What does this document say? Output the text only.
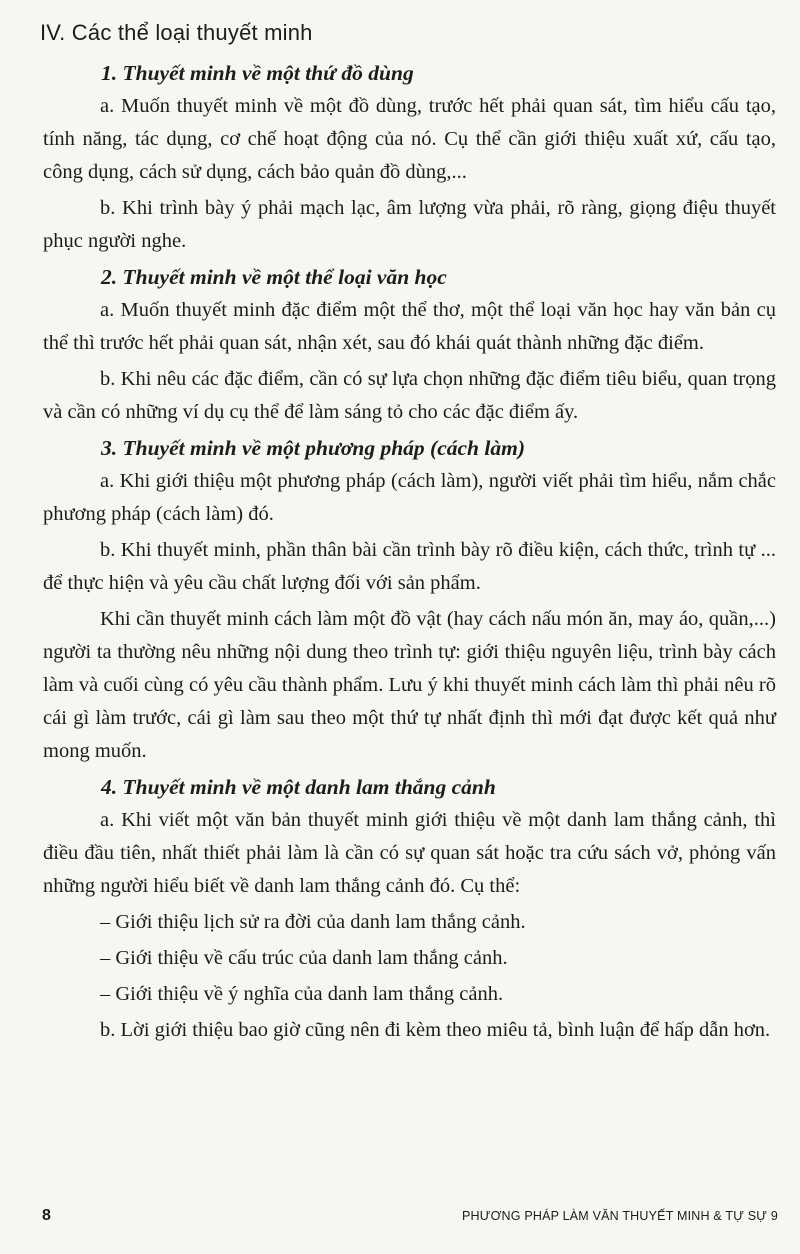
IV. Các thể loại thuyết minh
1. Thuyết minh về một thứ đồ dùng

a. Muốn thuyết minh về một đồ dùng, trước hết phải quan sát, tìm hiểu cấu tạo, tính năng, tác dụng, cơ chế hoạt động của nó. Cụ thể cần giới thiệu xuất xứ, cấu tạo, công dụng, cách sử dụng, cách bảo quản đồ dùng,...

b. Khi trình bày ý phải mạch lạc, âm lượng vừa phải, rõ ràng, giọng điệu thuyết phục người nghe.

2. Thuyết minh về một thể loại văn học

a. Muốn thuyết minh đặc điểm một thể thơ, một thể loại văn học hay văn bản cụ thể thì trước hết phải quan sát, nhận xét, sau đó khái quát thành những đặc điểm.

b. Khi nêu các đặc điểm, cần có sự lựa chọn những đặc điểm tiêu biểu, quan trọng và cần có những ví dụ cụ thể để làm sáng tỏ cho các đặc điểm ấy.

3. Thuyết minh về một phương pháp (cách làm)

a. Khi giới thiệu một phương pháp (cách làm), người viết phải tìm hiểu, nắm chắc phương pháp (cách làm) đó.

b. Khi thuyết minh, phần thân bài cần trình bày rõ điều kiện, cách thức, trình tự ... để thực hiện và yêu cầu chất lượng đối với sản phẩm.

Khi cần thuyết minh cách làm một đồ vật (hay cách nấu món ăn, may áo, quần,...) người ta thường nêu những nội dung theo trình tự: giới thiệu nguyên liệu, trình bày cách làm và cuối cùng có yêu cầu thành phẩm. Lưu ý khi thuyết minh cách làm thì phải nêu rõ cái gì làm trước, cái gì làm sau theo một thứ tự nhất định thì mới đạt được kết quả như mong muốn.

4. Thuyết minh về một danh lam thắng cảnh

a. Khi viết một văn bản thuyết minh giới thiệu về một danh lam thắng cảnh, thì điều đầu tiên, nhất thiết phải làm là cần có sự quan sát hoặc tra cứu sách vở, phỏng vấn những người hiểu biết về danh lam thắng cảnh đó. Cụ thể:

– Giới thiệu lịch sử ra đời của danh lam thắng cảnh.
– Giới thiệu về cấu trúc của danh lam thắng cảnh.
– Giới thiệu về ý nghĩa của danh lam thắng cảnh.

b. Lời giới thiệu bao giờ cũng nên đi kèm theo miêu tả, bình luận để hấp dẫn hơn.

8	PHƯƠNG PHÁP LÀM VĂN THUYẾT MINH & TỰ SỰ 9
